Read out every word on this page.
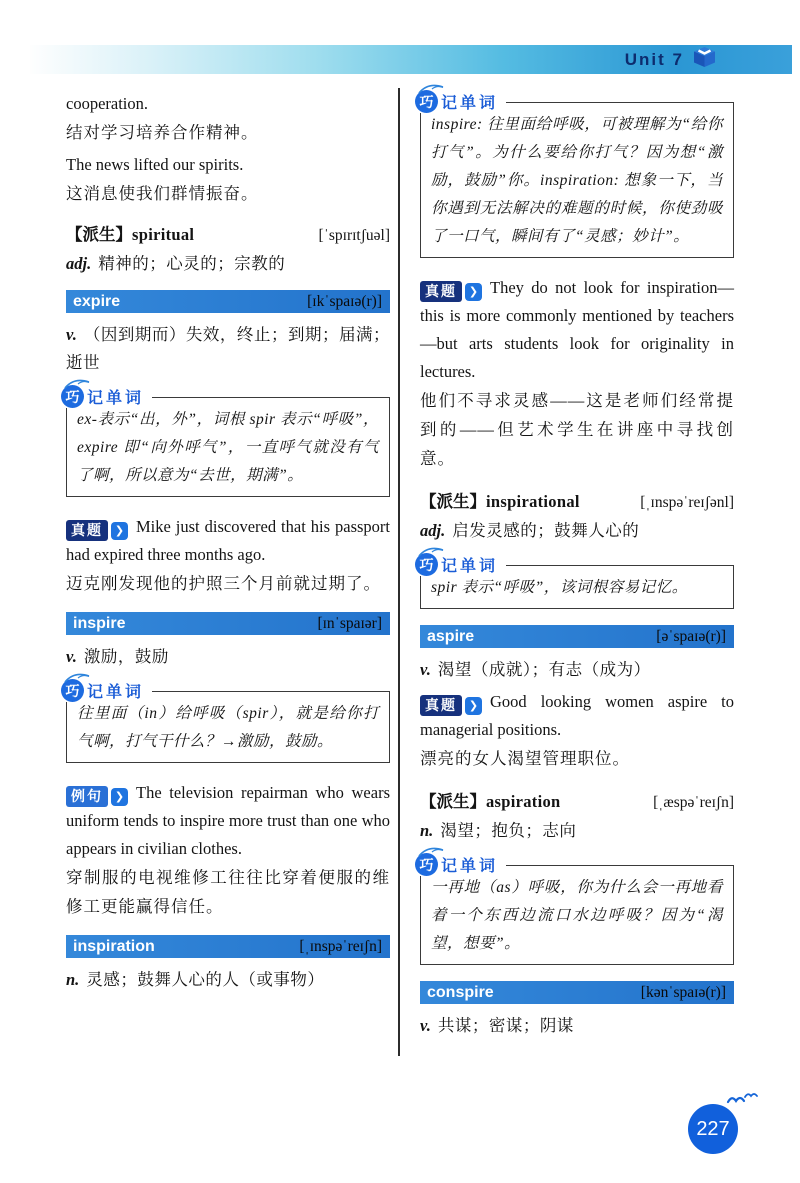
Unit 7

cooperation.

结对学习培养合作精神。

The news lifted our spirits.

这消息使我们群情振奋。

【派生】spiritual	[ˈspɪrɪtʃuəl]

adj. 精神的；心灵的；宗教的

expire	[ɪkˈspaɪə(r)]

v. （因到期而）失效，终止；到期；届满；逝世

巧 记单词
ex-表示“出，外”，词根 spir 表示“呼吸”，expire 即“向外呼气”，一直呼气就没有气了啊，所以意为“去世，期满”。

真题	❯ Mike just discovered that his passport had expired three months ago.

迈克刚发现他的护照三个月前就过期了。

inspire	[ɪnˈspaɪər]

v. 激励，鼓励

巧 记单词
往里面（in）给呼吸（spir），就是给你打气啊，打气干什么？→激励，鼓励。

例句	❯ The television repairman who wears uniform tends to inspire more trust than one who appears in civilian clothes.

穿制服的电视维修工往往比穿着便服的维修工更能赢得信任。

inspiration	[ˌɪnspəˈreɪʃn]

n. 灵感；鼓舞人心的人（或事物）

巧 记单词
inspire: 往里面给呼吸，可被理解为“给你打气”。为什么要给你打气？因为想“激励，鼓励”你。inspiration: 想象一下，当你遇到无法解决的难题的时候，你使劲吸了一口气，瞬间有了“灵感；妙计”。

真题	❯ They do not look for inspiration—this is more commonly mentioned by teachers—but arts students look for originality in lectures.

他们不寻求灵感——这是老师们经常提到的——但艺术学生在讲座中寻找创意。

【派生】inspirational	[ˌɪnspəˈreɪʃənl]

adj. 启发灵感的；鼓舞人心的

巧 记单词
spir 表示“呼吸”，该词根容易记忆。
aspire	[əˈspaɪə(r)]

v. 渴望（成就）；有志（成为）

真题	❯ Good looking women aspire to managerial positions.

漂亮的女人渴望管理职位。

【派生】aspiration	[ˌæspəˈreɪʃn]

n. 渴望；抱负；志向

巧 记单词
一再地（as）呼吸，你为什么会一再地看着一个东西边流口水边呼吸？因为“渴望，想要”。
conspire	[kənˈspaɪə(r)]

v. 共谋；密谋；阴谋

227
